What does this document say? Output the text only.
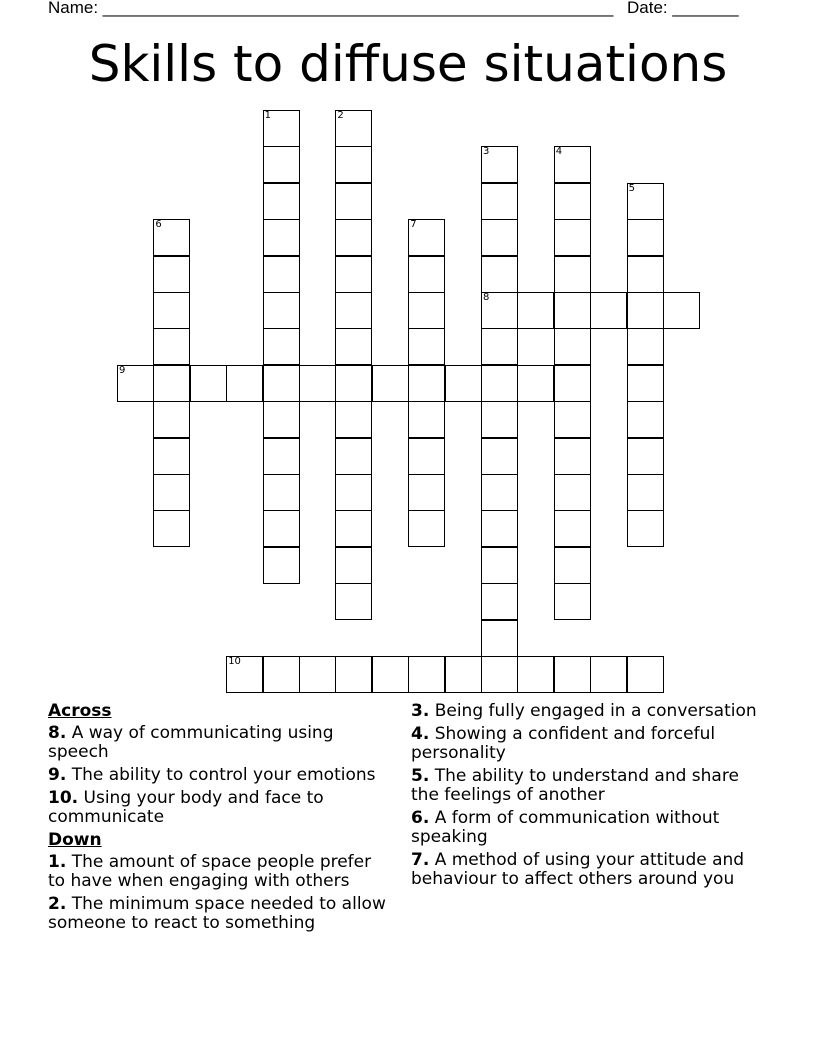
Name: ______________________________________________________ Date: _______
Skills to diffuse situations
1	2
3
8
4
5
6	7
9
10
Across
8. A way of communicating using speech
9. The ability to control your emotions
10. Using your body and face to communicate
Down
1. The amount of space people prefer to have when engaging with others
2. The minimum space needed to allow someone to react to something
3. Being fully engaged in a conversation
4. Showing a confident and forceful personality
5. The ability to understand and share the feelings of another
6. A form of communication without speaking
7. A method of using your attitude and behaviour to affect others around you
